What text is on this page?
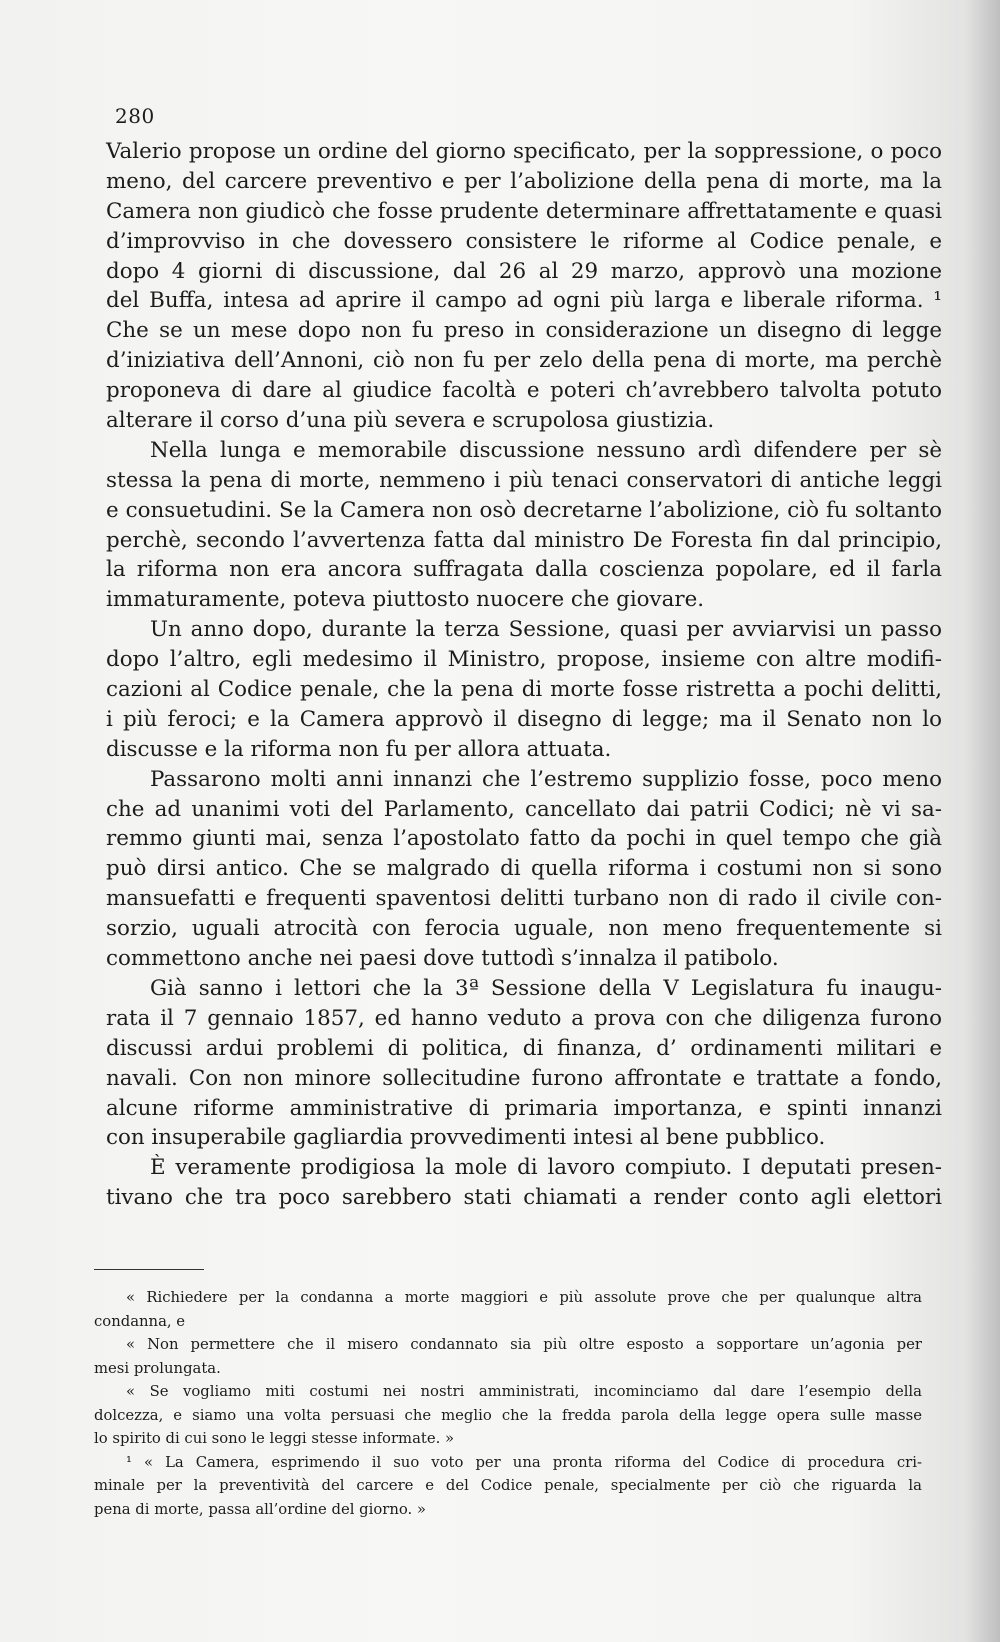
280
Valerio propose un ordine del giorno specificato, per la soppressione, o poco
meno, del carcere preventivo e per l’abolizione della pena di morte, ma la
Camera non giudicò che fosse prudente determinare affrettatamente e quasi
d’improvviso in che dovessero consistere le riforme al Codice penale, e
dopo 4 giorni di discussione, dal 26 al 29 marzo, approvò una mozione
del Buffa, intesa ad aprire il campo ad ogni più larga e liberale riforma. ¹
Che se un mese dopo non fu preso in considerazione un disegno di legge
d’iniziativa dell’Annoni, ciò non fu per zelo della pena di morte, ma perchè
proponeva di dare al giudice facoltà e poteri ch’avrebbero talvolta potuto
alterare il corso d’una più severa e scrupolosa giustizia.
Nella lunga e memorabile discussione nessuno ardì difendere per sè
stessa la pena di morte, nemmeno i più tenaci conservatori di antiche leggi
e consuetudini. Se la Camera non osò decretarne l’abolizione, ciò fu soltanto
perchè, secondo l’avvertenza fatta dal ministro De Foresta fin dal principio,
la riforma non era ancora suffragata dalla coscienza popolare, ed il farla
immaturamente, poteva piuttosto nuocere che giovare.
Un anno dopo, durante la terza Sessione, quasi per avviarvisi un passo
dopo l’altro, egli medesimo il Ministro, propose, insieme con altre modifi-
cazioni al Codice penale, che la pena di morte fosse ristretta a pochi delitti,
i più feroci; e la Camera approvò il disegno di legge; ma il Senato non lo
discusse e la riforma non fu per allora attuata.
Passarono molti anni innanzi che l’estremo supplizio fosse, poco meno
che ad unanimi voti del Parlamento, cancellato dai patrii Codici; nè vi sa-
remmo giunti mai, senza l’apostolato fatto da pochi in quel tempo che già
può dirsi antico. Che se malgrado di quella riforma i costumi non si sono
mansuefatti e frequenti spaventosi delitti turbano non di rado il civile con-
sorzio, uguali atrocità con ferocia uguale, non meno frequentemente si
commettono anche nei paesi dove tuttodì s’innalza il patibolo.
Già sanno i lettori che la 3ª Sessione della V Legislatura fu inaugu-
rata il 7 gennaio 1857, ed hanno veduto a prova con che diligenza furono
discussi ardui problemi di politica, di finanza, d’ ordinamenti militari e
navali. Con non minore sollecitudine furono affrontate e trattate a fondo,
alcune riforme amministrative di primaria importanza, e spinti innanzi
con insuperabile gagliardia provvedimenti intesi al bene pubblico.
È veramente prodigiosa la mole di lavoro compiuto. I deputati presen-
tivano che tra poco sarebbero stati chiamati a render conto agli elettori
« Richiedere per la condanna a morte maggiori e più assolute prove che per qualunque altra
condanna, e
« Non permettere che il misero condannato sia più oltre esposto a sopportare un’agonia per
mesi prolungata.
« Se vogliamo miti costumi nei nostri amministrati, incominciamo dal dare l’esempio della
dolcezza, e siamo una volta persuasi che meglio che la fredda parola della legge opera sulle masse
lo spirito di cui sono le leggi stesse informate. »
¹ « La Camera, esprimendo il suo voto per una pronta riforma del Codice di procedura cri-
minale per la preventività del carcere e del Codice penale, specialmente per ciò che riguarda la
pena di morte, passa all’ordine del giorno. »
